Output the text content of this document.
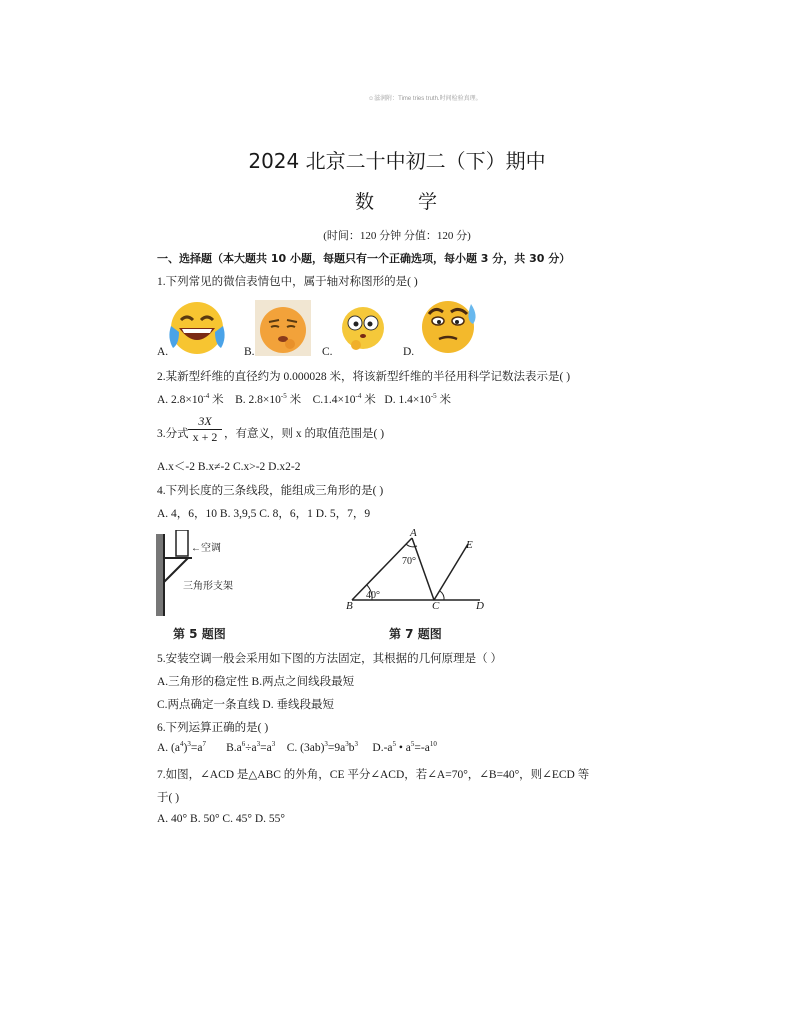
☺滋润附：Time tries truth.时间检验真理。
2024 北京二十中初二（下）期中
数 学
(时间：120 分钟 分值：120 分)
一、选择题（本大题共 10 小题，每题只有一个正确选项，每小题 3 分，共 30 分）
1.下列常见的微信表情包中，属于轴对称图形的是( )
A.	B.	C.	D.
2.某新型纤维的直径约为 0.000028 米，将该新型纤维的半径用科学记数法表示是( )
A. $2.8\times 10^{-4}$ 米 B. $2.8\times 10^{-5}$ 米 $C.1.4\times 10^{-4}$ 米 D. $1.4\times 10^{-5}$ 米
3.分式 $\frac{3X}{x + 2}$ ，有意义，则 x 的取值范围是( )
A.x＜-2 B.x≠-2 C.x>-2 D.x2-2
4.下列长度的三条线段，能组成三角形的是( )
A. 4，6，10 B. 3,9,5 C. 8，6，1 D. 5，7，9
←空调
三角形支架
第 5 题图
A
70°
40°
B	C	D
E
第 7 题图
5.安装空调一般会采用如下图的方法固定，其根据的几何原理是（ ）
A.三角形的稳定性 B.两点之间线段最短
C.两点确定一条直线 D. 垂线段最短
6.下列运算正确的是( )
A. $(a^4)^3=a^7$ $B.a^6\div a^3=a^3$ C. $(3ab)^3=9a^3b^3$ $D.-a^5$ • $a^5=-a^{10}$
7.如图，∠ACD 是△ABC 的外角，CE 平分∠ACD，若∠A=70°，∠B=40°，则∠ECD 等
于( )
A. 40° B. 50° C. 45° D. 55°
